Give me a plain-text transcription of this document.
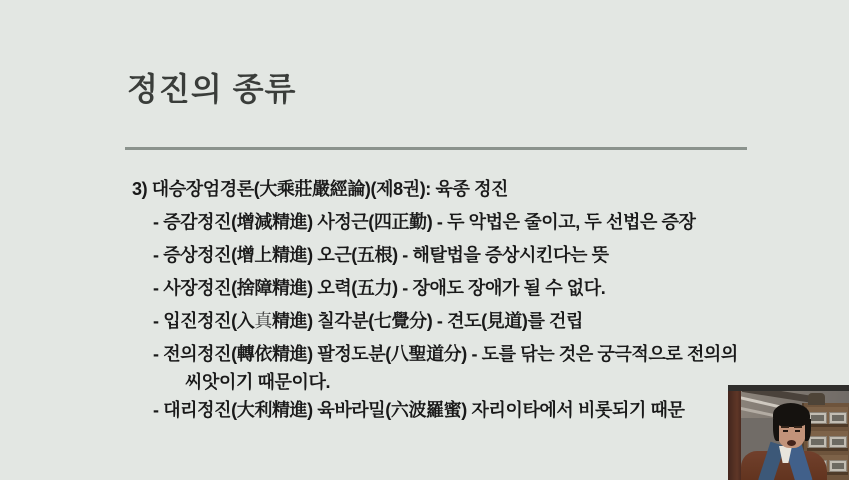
정진의 종류
3) 대승장엄경론(大乘莊嚴經論)(제8권): 육종 정진
- 증감정진(增減精進) 사정근(四正勤) - 두 악법은 줄이고, 두 선법은 증장
- 증상정진(增上精進) 오근(五根) - 해탈법을 증상시킨다는 뜻
- 사장정진(捨障精進) 오력(五力) - 장애도 장애가 될 수 없다.
- 입진정진(入真精進) 칠각분(七覺分) - 견도(見道)를 건립
- 전의정진(轉依精進) 팔정도분(八聖道分) - 도를 닦는 것은 궁극적으로 전의의
씨앗이기 때문이다.
- 대리정진(大利精進) 육바라밀(六波羅蜜) 자리이타에서 비롯되기 때문
